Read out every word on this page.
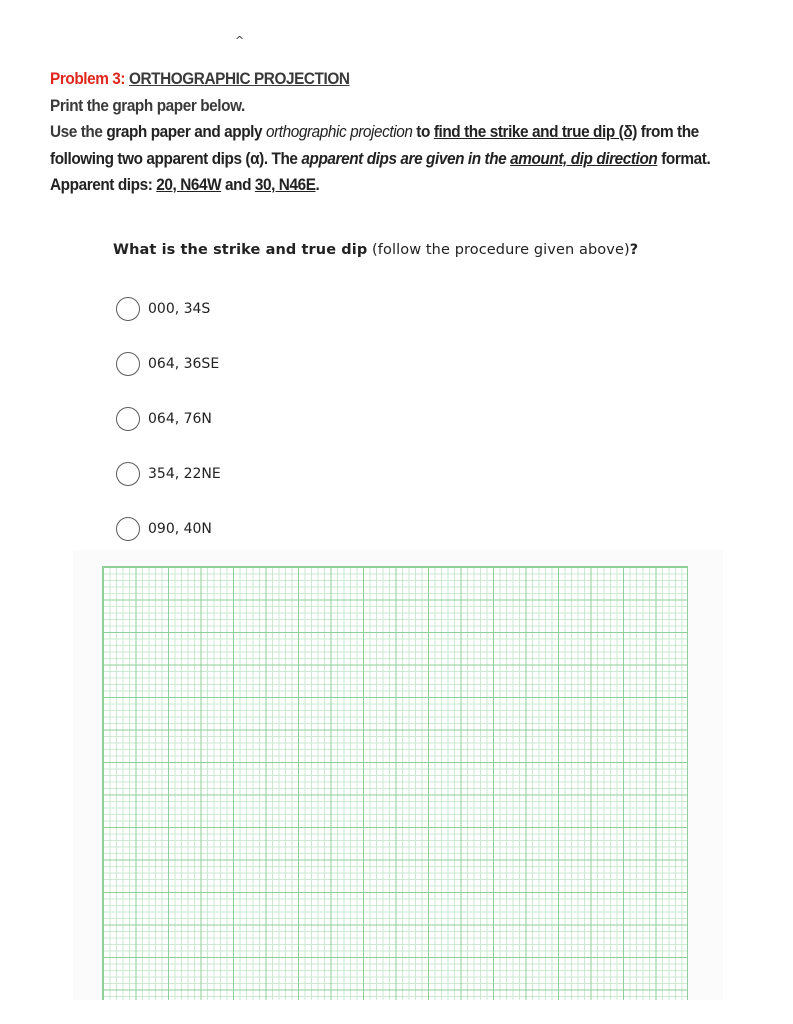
^
Problem 3: ORTHOGRAPHIC PROJECTION
Print the graph paper below.
Use the graph paper and apply orthographic projection to find the strike and true dip (δ) from the
following two apparent dips (α). The apparent dips are given in the amount, dip direction format.
Apparent dips: 20, N64W and 30, N46E.
What is the strike and true dip (follow the procedure given above)?
000, 34S
064, 36SE
064, 76N
354, 22NE
090, 40N
